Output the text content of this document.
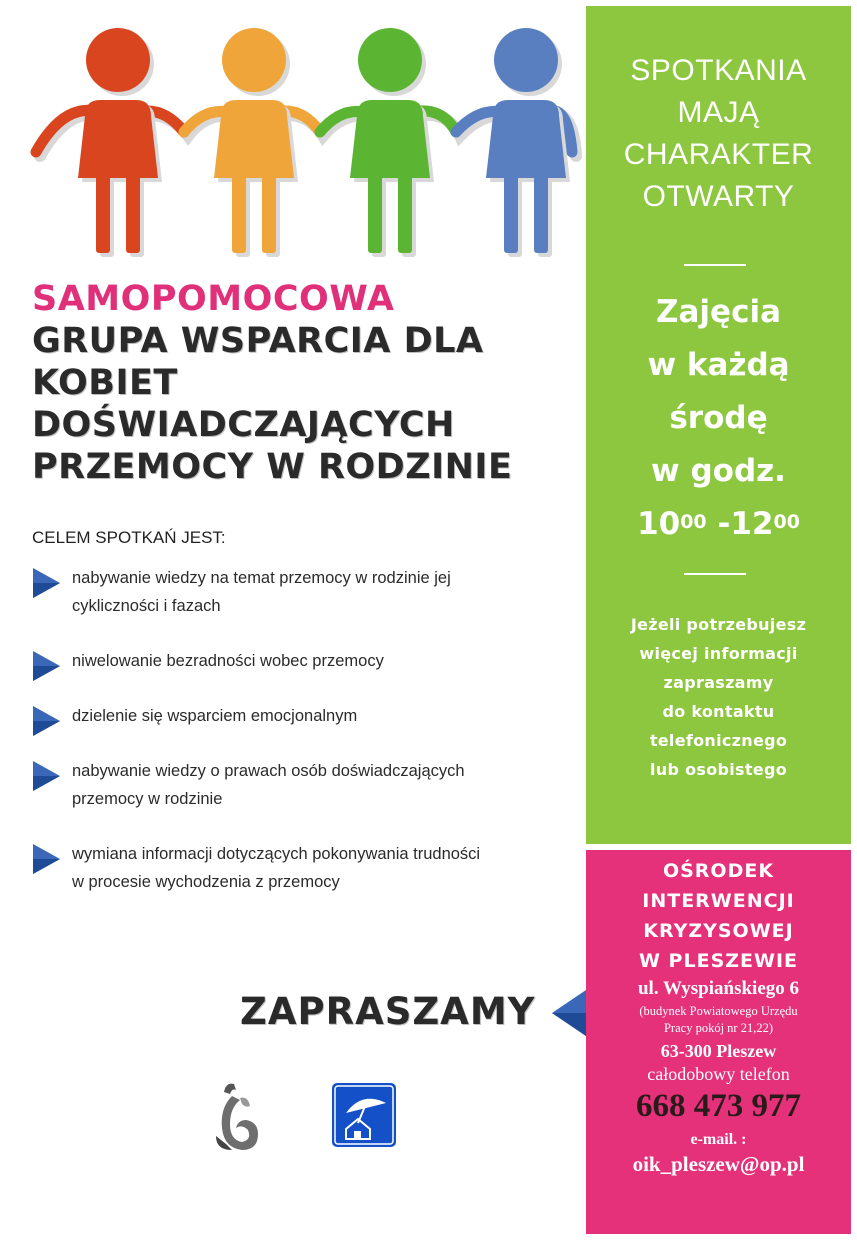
SAMOPOMOCOWA
GRUPA WSPARCIA DLA
KOBIET
DOŚWIADCZAJĄCYCH
PRZEMOCY W RODZINIE
CELEM SPOTKAŃ JEST:
nabywanie wiedzy na temat przemocy w rodzinie jej
cykliczności i fazach
niwelowanie bezradności wobec przemocy
dzielenie się wsparciem emocjonalnym
nabywanie wiedzy o prawach osób doświadczających
przemocy w rodzinie
wymiana informacji dotyczących pokonywania trudności
w procesie wychodzenia z przemocy
ZAPRASZAMY
SPOTKANIA
MAJĄ
CHARAKTER
OTWARTY
Zajęcia
w każdą
środę
w godz.
$10^{00}$ $-12^{00}$
Jeżeli potrzebujesz
więcej informacji
zapraszamy
do kontaktu
telefonicznego
lub osobistego
OŚRODEK
INTERWENCJI
KRYZYSOWEJ
W PLESZEWIE
ul. Wyspiańskiego 6
(budynek Powiatowego Urzędu
Pracy pokój nr 21,22)
63-300 Pleszew
całodobowy telefon
668 473 977
e-mail. :
oik_pleszew@op.pl
